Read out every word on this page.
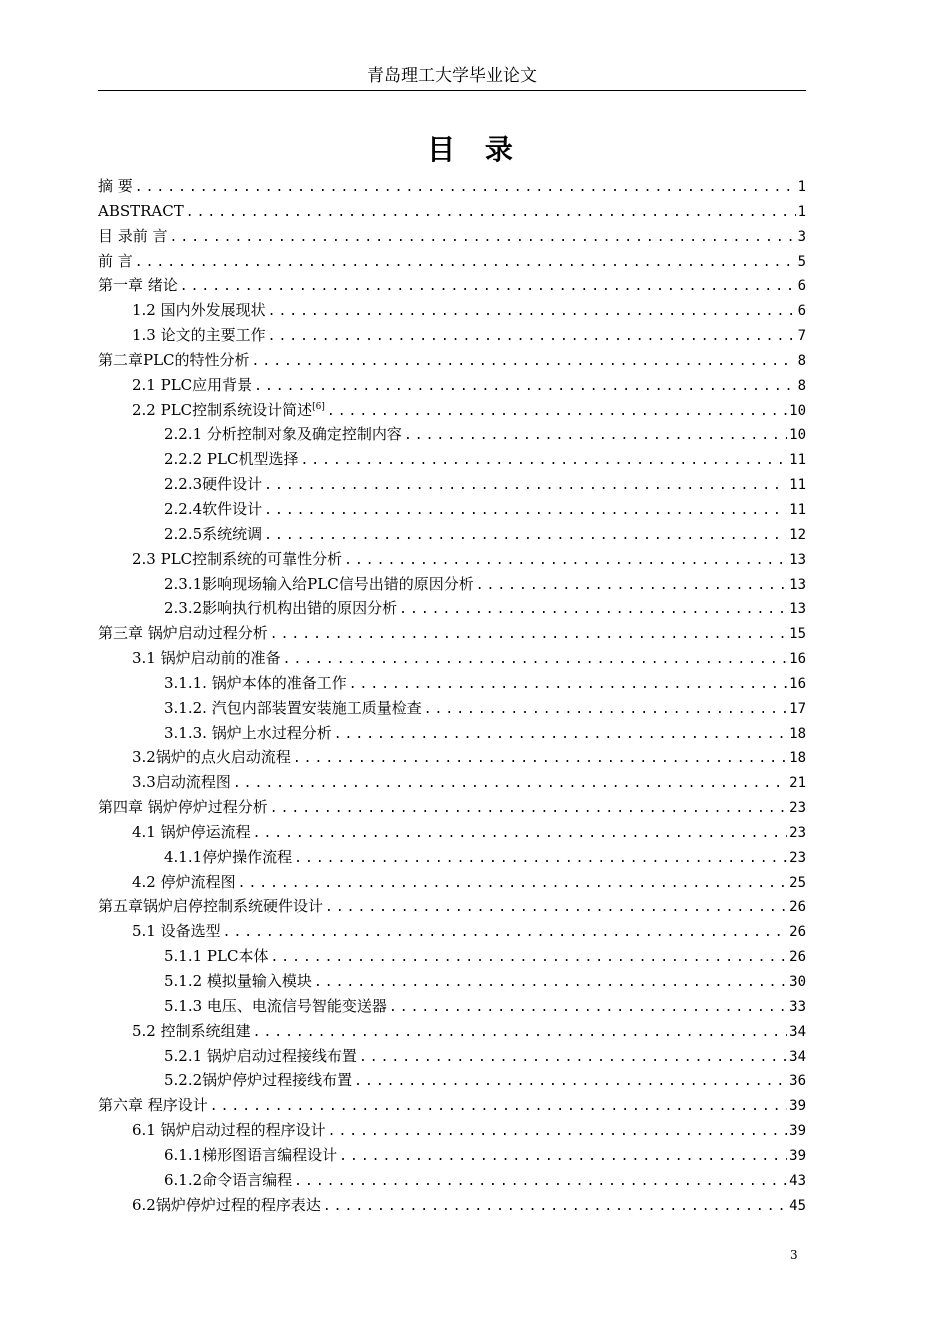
青岛理工大学毕业论文
目 录
摘 要 .....	1
ABSTRACT .....	1
目 录前 言 .....	3
前 言 .....	5
第一章 绪论 .....	6
1.2 国内外发展现状 .....	6
1.3 论文的主要工作 .....	7
第二章PLC的特性分析 .....	8
2.1 PLC应用背景 .....	8
2.2 PLC控制系统设计简述[6] .....	10
2.2.1 分析控制对象及确定控制内容 .....	10
2.2.2 PLC机型选择 .....	11
2.2.3硬件设计 .....	11
2.2.4软件设计 .....	11
2.2.5系统统调 .....	12
2.3 PLC控制系统的可靠性分析 .....	13
2.3.1影响现场输入给PLC信号出错的原因分析 .....	13
2.3.2影响执行机构出错的原因分析 .....	13
第三章 锅炉启动过程分析 .....	15
3.1 锅炉启动前的准备 .....	16
3.1.1. 锅炉本体的准备工作 .....	16
3.1.2. 汽包内部装置安装施工质量检查 .....	17
3.1.3. 锅炉上水过程分析 .....	18
3.2锅炉的点火启动流程 .....	18
3.3启动流程图 .....	21
第四章 锅炉停炉过程分析 .....	23
4.1 锅炉停运流程 .....	23
4.1.1停炉操作流程 .....	23
4.2 停炉流程图 .....	25
第五章锅炉启停控制系统硬件设计 .....	26
5.1 设备选型 .....	26
5.1.1 PLC本体 .....	26
5.1.2 模拟量输入模块 .....	30
5.1.3 电压、电流信号智能变送器 .....	33
5.2 控制系统组建 .....	34
5.2.1 锅炉启动过程接线布置 .....	34
5.2.2锅炉停炉过程接线布置 .....	36
第六章 程序设计 .....	39
6.1 锅炉启动过程的程序设计 .....	39
6.1.1梯形图语言编程设计 .....	39
6.1.2命令语言编程 .....	43
6.2锅炉停炉过程的程序表达 .....	45
3
